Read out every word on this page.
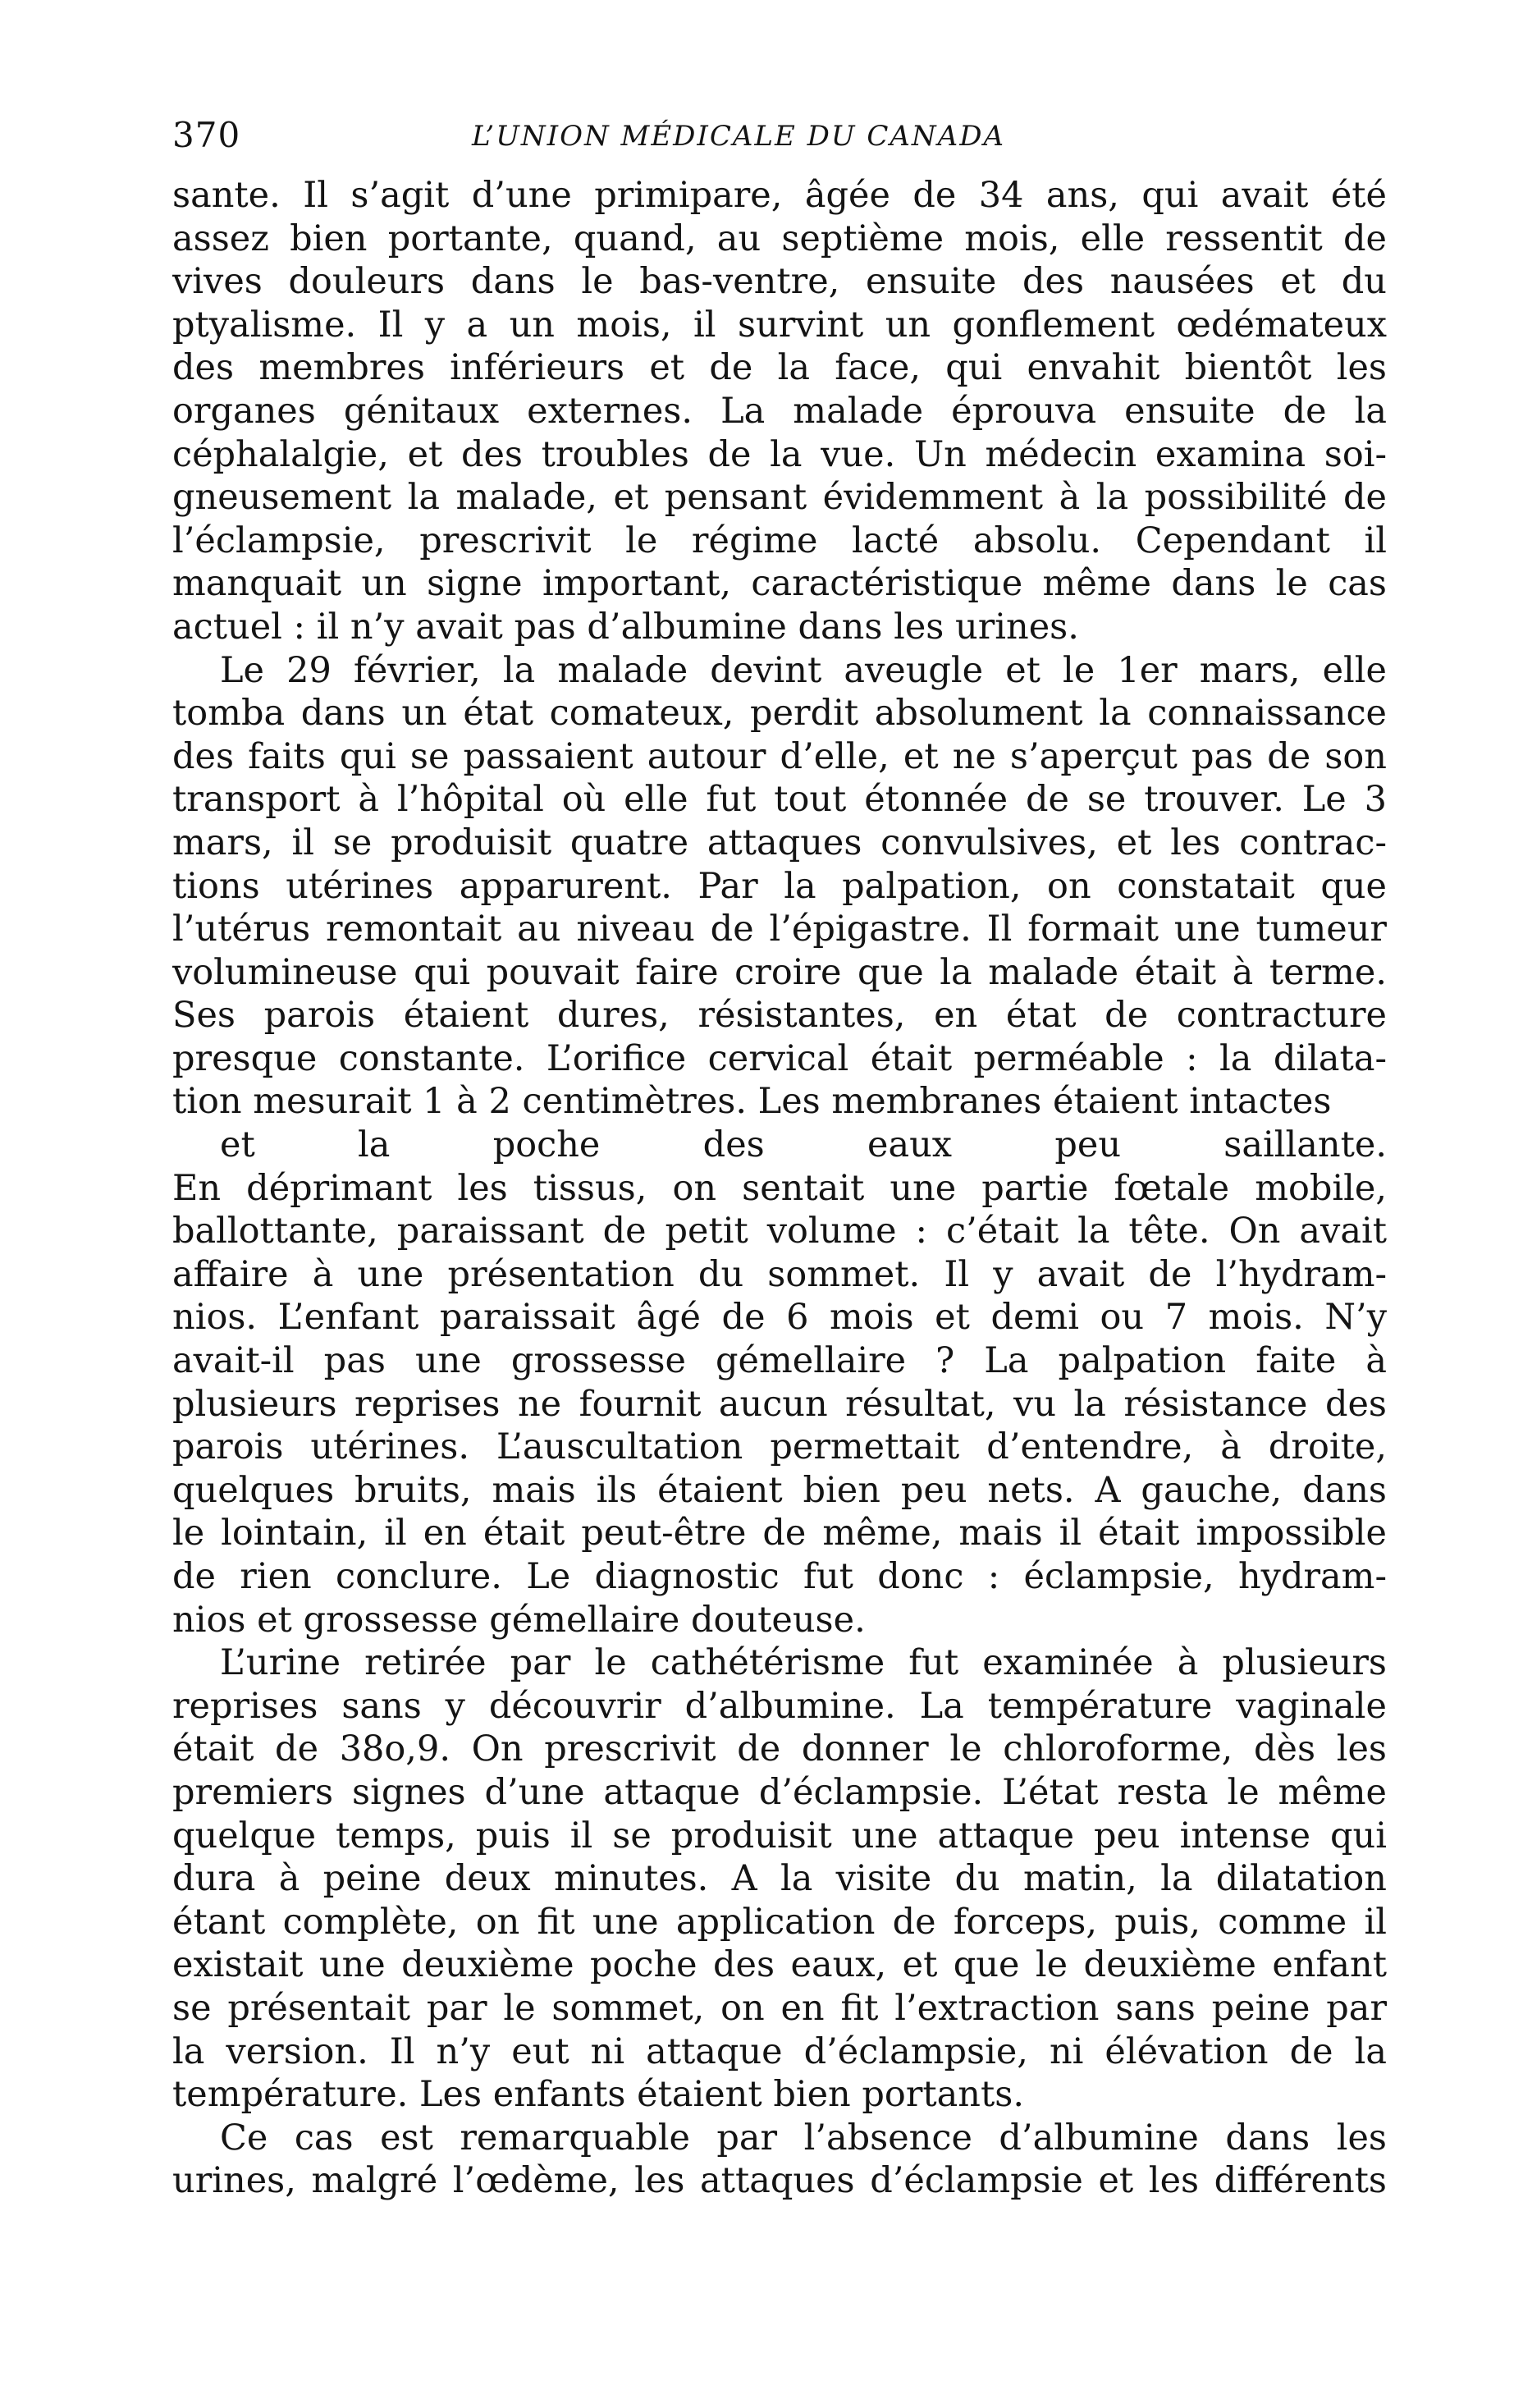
370	L’UNION MÉDICALE DU CANADA
sante. Il s’agit d’une primipare, âgée de 34 ans, qui avait été
assez bien portante, quand, au septième mois, elle ressentit de
vives douleurs dans le bas-ventre, ensuite des nausées et du
ptyalisme. Il y a un mois, il survint un gonflement œdémateux
des membres inférieurs et de la face, qui envahit bientôt les
organes génitaux externes. La malade éprouva ensuite de la
céphalalgie, et des troubles de la vue. Un médecin examina soi-
gneusement la malade, et pensant évidemment à la possibilité de
l’éclampsie, prescrivit le régime lacté absolu. Cependant il
manquait un signe important, caractéristique même dans le cas
actuel : il n’y avait pas d’albumine dans les urines.
Le 29 février, la malade devint aveugle et le 1er mars, elle
tomba dans un état comateux, perdit absolument la connaissance
des faits qui se passaient autour d’elle, et ne s’aperçut pas de son
transport à l’hôpital où elle fut tout étonnée de se trouver. Le 3
mars, il se produisit quatre attaques convulsives, et les contrac-
tions utérines apparurent. Par la palpation, on constatait que
l’utérus remontait au niveau de l’épigastre. Il formait une tumeur
volumineuse qui pouvait faire croire que la malade était à terme.
Ses parois étaient dures, résistantes, en état de contracture
presque constante. L’orifice cervical était perméable : la dilata-
tion mesurait 1 à 2 centimètres. Les membranes étaient intactes
et la poche des eaux peu saillante.
En déprimant les tissus, on sentait une partie fœtale mobile,
ballottante, paraissant de petit volume : c’était la tête. On avait
affaire à une présentation du sommet. Il y avait de l’hydram-
nios. L’enfant paraissait âgé de 6 mois et demi ou 7 mois. N’y
avait-il pas une grossesse gémellaire ? La palpation faite à
plusieurs reprises ne fournit aucun résultat, vu la résistance des
parois utérines. L’auscultation permettait d’entendre, à droite,
quelques bruits, mais ils étaient bien peu nets. A gauche, dans
le lointain, il en était peut-être de même, mais il était impossible
de rien conclure. Le diagnostic fut donc : éclampsie, hydram-
nios et grossesse gémellaire douteuse.
L’urine retirée par le cathétérisme fut examinée à plusieurs
reprises sans y découvrir d’albumine. La température vaginale
était de 38o,9. On prescrivit de donner le chloroforme, dès les
premiers signes d’une attaque d’éclampsie. L’état resta le même
quelque temps, puis il se produisit une attaque peu intense qui
dura à peine deux minutes. A la visite du matin, la dilatation
étant complète, on fit une application de forceps, puis, comme il
existait une deuxième poche des eaux, et que le deuxième enfant
se présentait par le sommet, on en fit l’extraction sans peine par
la version. Il n’y eut ni attaque d’éclampsie, ni élévation de la
température. Les enfants étaient bien portants.
Ce cas est remarquable par l’absence d’albumine dans les
urines, malgré l’œdème, les attaques d’éclampsie et les différents
